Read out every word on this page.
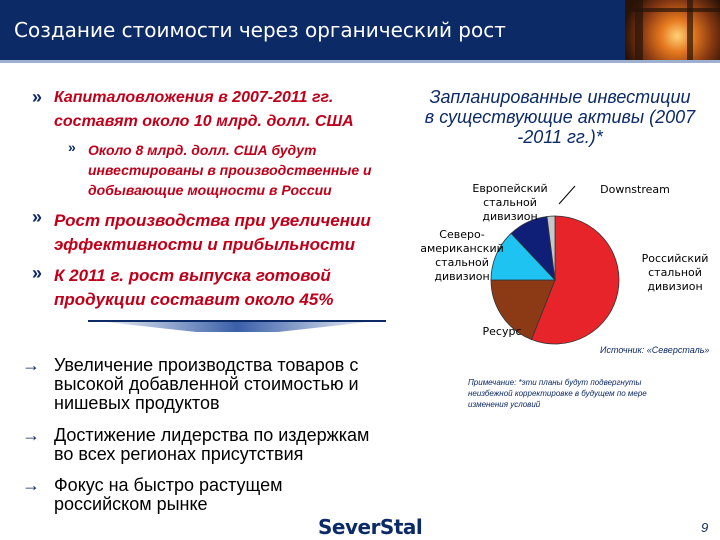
Создание стоимости через органический рост
» Капиталовложения в 2007-2011 гг.
составят около 10 млрд. долл. США
» Около 8 млрд. долл. США будут
инвестированы в производственные и
добывающие мощности в России
» Рост производства при увеличении
эффективности и прибыльности
» К 2011 г. рост выпуска готовой
продукции составит около 45%
Запланированные инвестиции
в существующие активы (2007
-2011 гг.)*
Европейский
стальной
дивизион
Downstream
Северо-
американский
стальной
дивизион
Российский
стальной
дивизион
Ресурс
Источник: «Северсталь»
→ Увеличение производства товаров с
высокой добавленной стоимостью и
нишевых продуктов
→ Достижение лидерства по издержкам
во всех регионах присутствия
→ Фокус на быстро растущем
российском рынке
Примечание: *эти планы будут подвергнуты
неизбежной корректировке в будущем по мере
изменения условий
SeverStal	9
